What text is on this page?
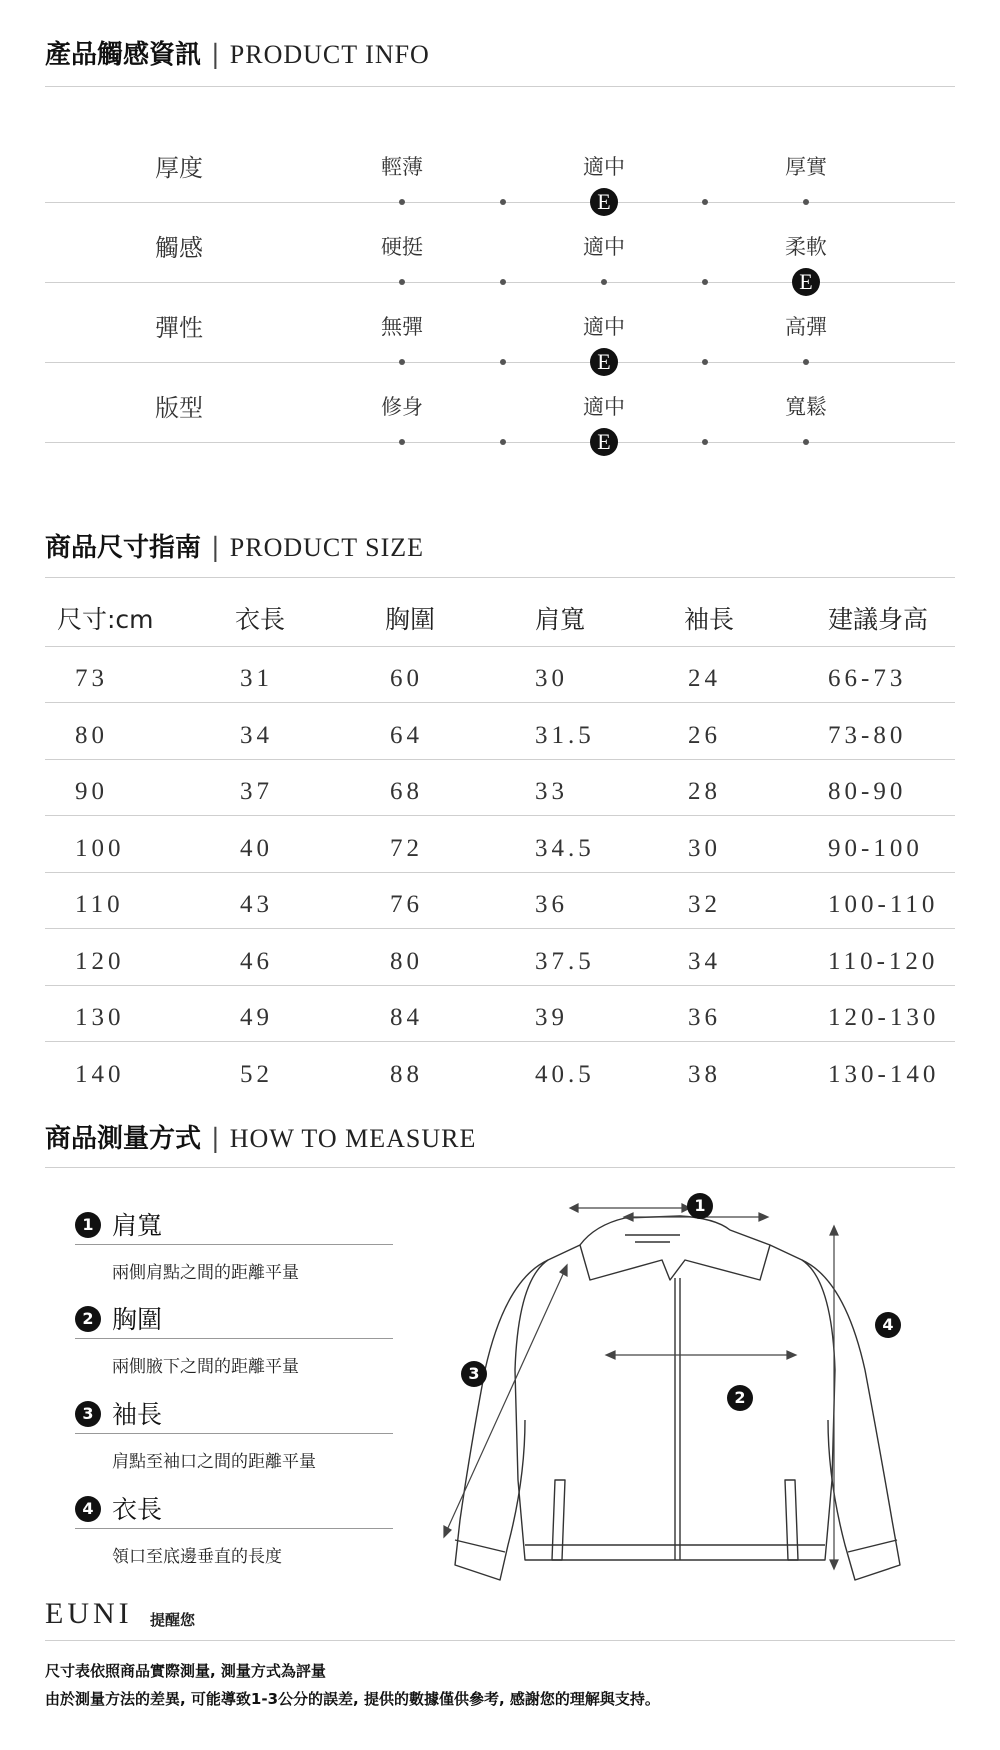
產品觸感資訊 | PRODUCT INFO
厚度	輕薄	適中	厚實
E
觸感	硬挺	適中	柔軟
E
彈性	無彈	適中	高彈
E
版型	修身	適中	寬鬆
E
商品尺寸指南 | PRODUCT SIZE
尺寸:cm	衣長	胸圍	肩寬	袖長	建議身高
73	31	60	30	24	66-73
80	34	64	31.5	26	73-80
90	37	68	33	28	80-90
100	40	72	34.5	30	90-100
110	43	76	36	32	100-110
120	46	80	37.5	34	110-120
130	49	84	39	36	120-130
140	52	88	40.5	38	130-140
商品測量方式 | HOW TO MEASURE
1 肩寬
兩側肩點之間的距離平量
2 胸圍
兩側腋下之間的距離平量
3 袖長
肩點至袖口之間的距離平量
4 衣長
領口至底邊垂直的長度
1
2
3
4
EUNI 提醒您
尺寸表依照商品實際測量, 測量方式為評量
由於測量方法的差異, 可能導致1-3公分的誤差, 提供的數據僅供參考, 感謝您的理解與支持。
